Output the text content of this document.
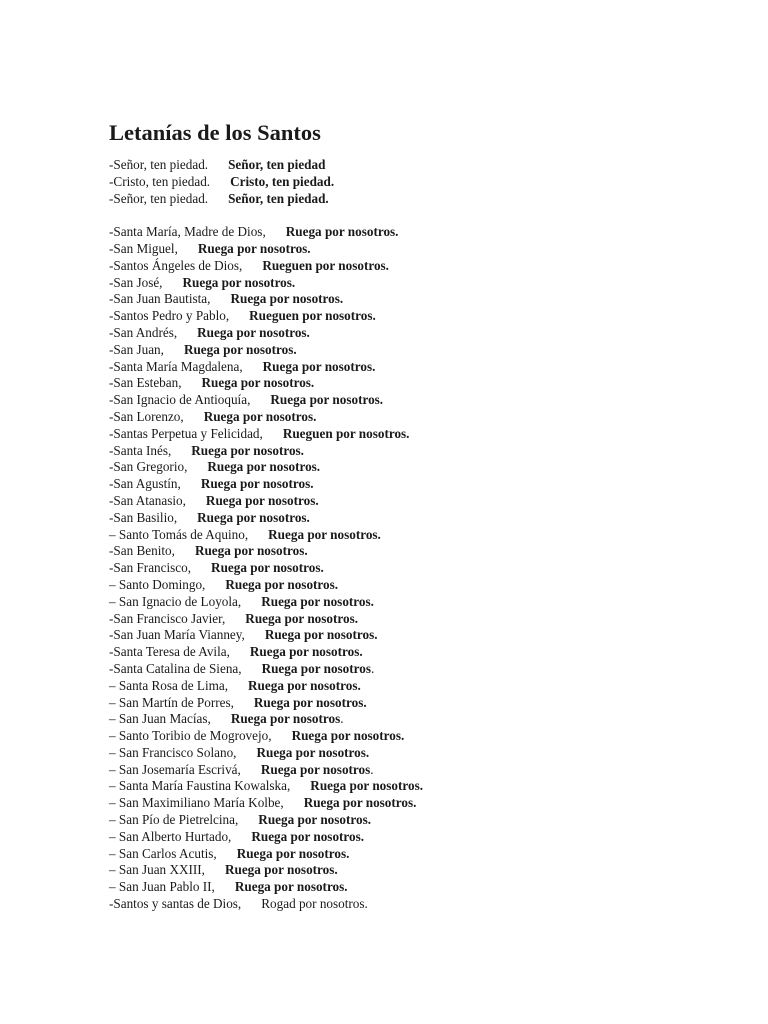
Letanías de los Santos
-Señor, ten piedad. Señor, ten piedad
-Cristo, ten piedad. Cristo, ten piedad.
-Señor, ten piedad. Señor, ten piedad.
-Santa María, Madre de Dios, Ruega por nosotros.
-San Miguel, Ruega por nosotros.
-Santos Ángeles de Dios, Rueguen por nosotros.
-San José, Ruega por nosotros.
-San Juan Bautista, Ruega por nosotros.
-Santos Pedro y Pablo, Rueguen por nosotros.
-San Andrés, Ruega por nosotros.
-San Juan, Ruega por nosotros.
-Santa María Magdalena, Ruega por nosotros.
-San Esteban, Ruega por nosotros.
-San Ignacio de Antioquía, Ruega por nosotros.
-San Lorenzo, Ruega por nosotros.
-Santas Perpetua y Felicidad, Rueguen por nosotros.
-Santa Inés, Ruega por nosotros.
-San Gregorio, Ruega por nosotros.
-San Agustín, Ruega por nosotros.
-San Atanasio, Ruega por nosotros.
-San Basilio, Ruega por nosotros.
– Santo Tomás de Aquino, Ruega por nosotros.
-San Benito, Ruega por nosotros.
-San Francisco, Ruega por nosotros.
– Santo Domingo, Ruega por nosotros.
– San Ignacio de Loyola, Ruega por nosotros.
-San Francisco Javier, Ruega por nosotros.
-San Juan María Vianney, Ruega por nosotros.
-Santa Teresa de Avila, Ruega por nosotros.
-Santa Catalina de Siena, Ruega por nosotros.
– Santa Rosa de Lima, Ruega por nosotros.
– San Martín de Porres, Ruega por nosotros.
– San Juan Macías, Ruega por nosotros.
– Santo Toribio de Mogrovejo, Ruega por nosotros.
– San Francisco Solano, Ruega por nosotros.
– San Josemaría Escrivá, Ruega por nosotros.
– Santa María Faustina Kowalska, Ruega por nosotros.
– San Maximiliano María Kolbe, Ruega por nosotros.
– San Pío de Pietrelcina, Ruega por nosotros.
– San Alberto Hurtado, Ruega por nosotros.
– San Carlos Acutis, Ruega por nosotros.
– San Juan XXIII, Ruega por nosotros.
– San Juan Pablo II, Ruega por nosotros.
-Santos y santas de Dios, Rogad por nosotros.
